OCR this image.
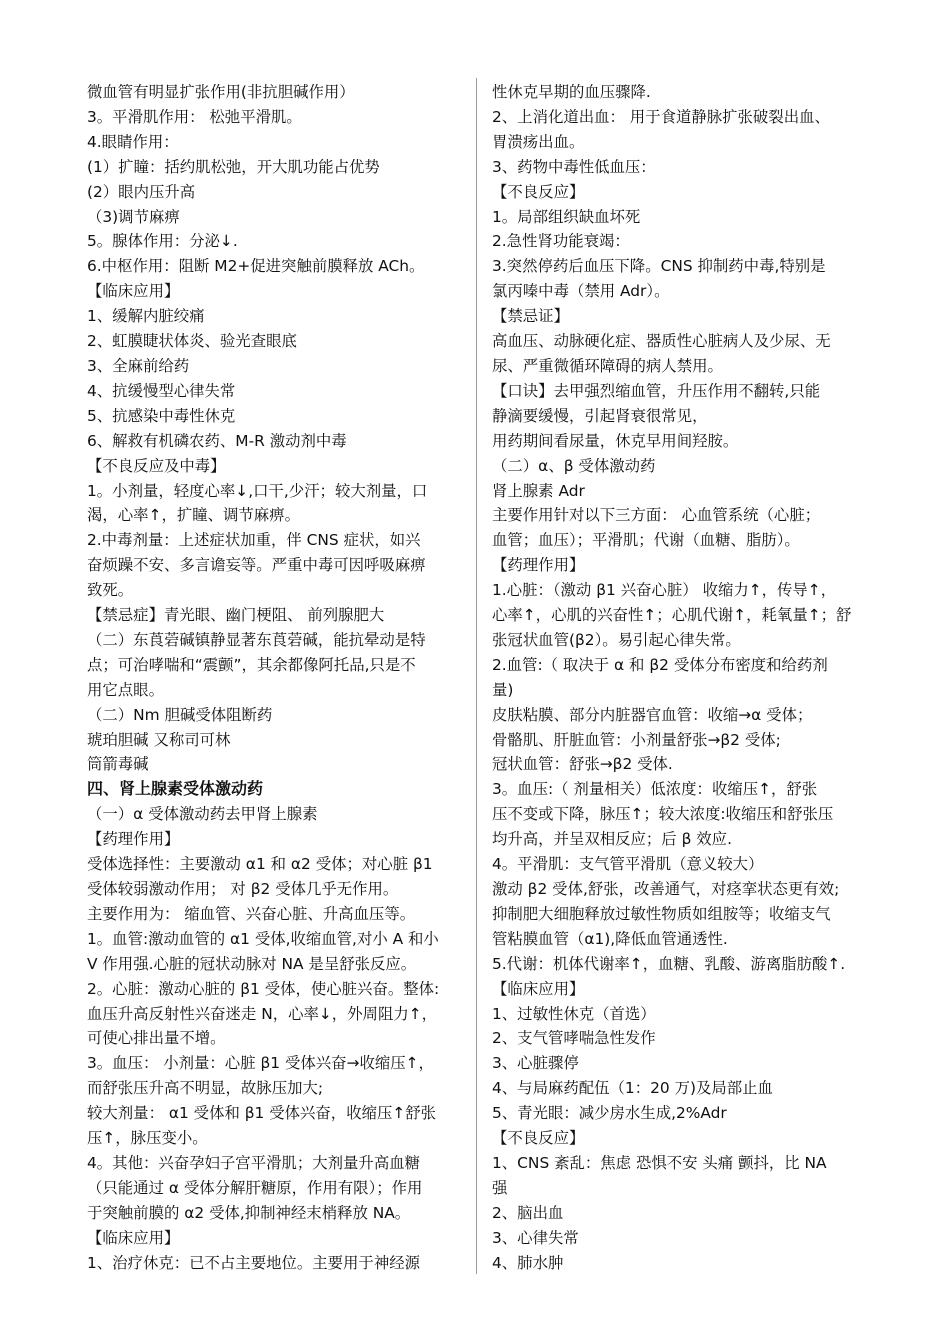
微血管有明显扩张作用(非抗胆碱作用）
3。平滑肌作用： 松弛平滑肌。
4.眼睛作用：
(1）扩瞳：括约肌松弛，开大肌功能占优势
(2）眼内压升高
（3)调节麻痹
5。腺体作用：分泌↓.
6.中枢作用：阻断 M2+促进突触前膜释放 ACh。
【临床应用】
1、缓解内脏绞痛
2、虹膜睫状体炎、验光查眼底
3、全麻前给药
4、抗缓慢型心律失常
5、抗感染中毒性休克
6、解救有机磷农药、M-R 激动剂中毒
【不良反应及中毒】
1。小剂量，轻度心率↓,口干,少汗；较大剂量，口
渴，心率↑，扩瞳、调节麻痹。
2.中毒剂量：上述症状加重，伴 CNS 症状，如兴
奋烦躁不安、多言谵妄等。严重中毒可因呼吸麻痹
致死。
【禁忌症】青光眼、幽门梗阻、 前列腺肥大
（二）东莨菪碱镇静显著东莨菪碱，能抗晕动是特
点；可治哮喘和“震颤”，其余都像阿托品,只是不
用它点眼。
（二）Nm 胆碱受体阻断药
琥珀胆碱 又称司可林
筒箭毒碱
四、肾上腺素受体激动药
（一）α 受体激动药去甲肾上腺素
【药理作用】
受体选择性：主要激动 α1 和 α2 受体；对心脏 β1
受体较弱激动作用； 对 β2 受体几乎无作用。
主要作用为： 缩血管、兴奋心脏、升高血压等。
1。血管:激动血管的 α1 受体,收缩血管,对小 A 和小
V 作用强.心脏的冠状动脉对 NA 是呈舒张反应。
2。心脏：激动心脏的 β1 受体，使心脏兴奋。整体:
血压升高反射性兴奋迷走 N，心率↓，外周阻力↑，
可使心排出量不增。
3。血压： 小剂量：心脏 β1 受体兴奋→收缩压↑，
而舒张压升高不明显，故脉压加大;
较大剂量： α1 受体和 β1 受体兴奋，收缩压↑舒张
压↑，脉压变小。
4。其他：兴奋孕妇子宫平滑肌；大剂量升高血糖
（只能通过 α 受体分解肝糖原，作用有限）；作用
于突触前膜的 α2 受体,抑制神经末梢释放 NA。
【临床应用】
1、治疗休克：已不占主要地位。主要用于神经源
性休克早期的血压骤降.
2、上消化道出血： 用于食道静脉扩张破裂出血、
胃溃疡出血。
3、药物中毒性低血压：
【不良反应】
1。局部组织缺血坏死
2.急性肾功能衰竭：
3.突然停药后血压下降。CNS 抑制药中毒,特别是
氯丙嗪中毒（禁用 Adr）。
【禁忌证】
高血压、动脉硬化症、器质性心脏病人及少尿、无
尿、严重微循环障碍的病人禁用。
【口诀】去甲强烈缩血管，升压作用不翻转,只能
静滴要缓慢，引起肾衰很常见，
用药期间看尿量，休克早用间羟胺。
（二）α、β 受体激动药
肾上腺素 Adr
主要作用针对以下三方面： 心血管系统（心脏；
血管；血压）；平滑肌；代谢（血糖、脂肪）。
【药理作用】
1.心脏：（激动 β1 兴奋心脏） 收缩力↑，传导↑，
心率↑，心肌的兴奋性↑；心肌代谢↑，耗氧量↑；舒
张冠状血管(β2）。易引起心律失常。
2.血管:（ 取决于 α 和 β2 受体分布密度和给药剂
量)
皮肤粘膜、部分内脏器官血管：收缩→α 受体；
骨骼肌、肝脏血管：小剂量舒张→β2 受体;
冠状血管：舒张→β2 受体.
3。血压:（ 剂量相关）低浓度：收缩压↑，舒张
压不变或下降，脉压↑；较大浓度:收缩压和舒张压
均升高，并呈双相反应；后 β 效应.
4。平滑肌：支气管平滑肌（意义较大）
激动 β2 受体,舒张，改善通气，对痉挛状态更有效;
抑制肥大细胞释放过敏性物质如组胺等；收缩支气
管粘膜血管（α1),降低血管通透性.
5.代谢：机体代谢率↑，血糖、乳酸、游离脂肪酸↑.
【临床应用】
1、过敏性休克（首选）
2、支气管哮喘急性发作
3、心脏骤停
4、与局麻药配伍（1：20 万)及局部止血
5、青光眼：减少房水生成,2%Adr
【不良反应】
1、CNS 紊乱：焦虑 恐惧不安 头痛 颤抖，比 NA
强
2、脑出血
3、心律失常
4、肺水肿
